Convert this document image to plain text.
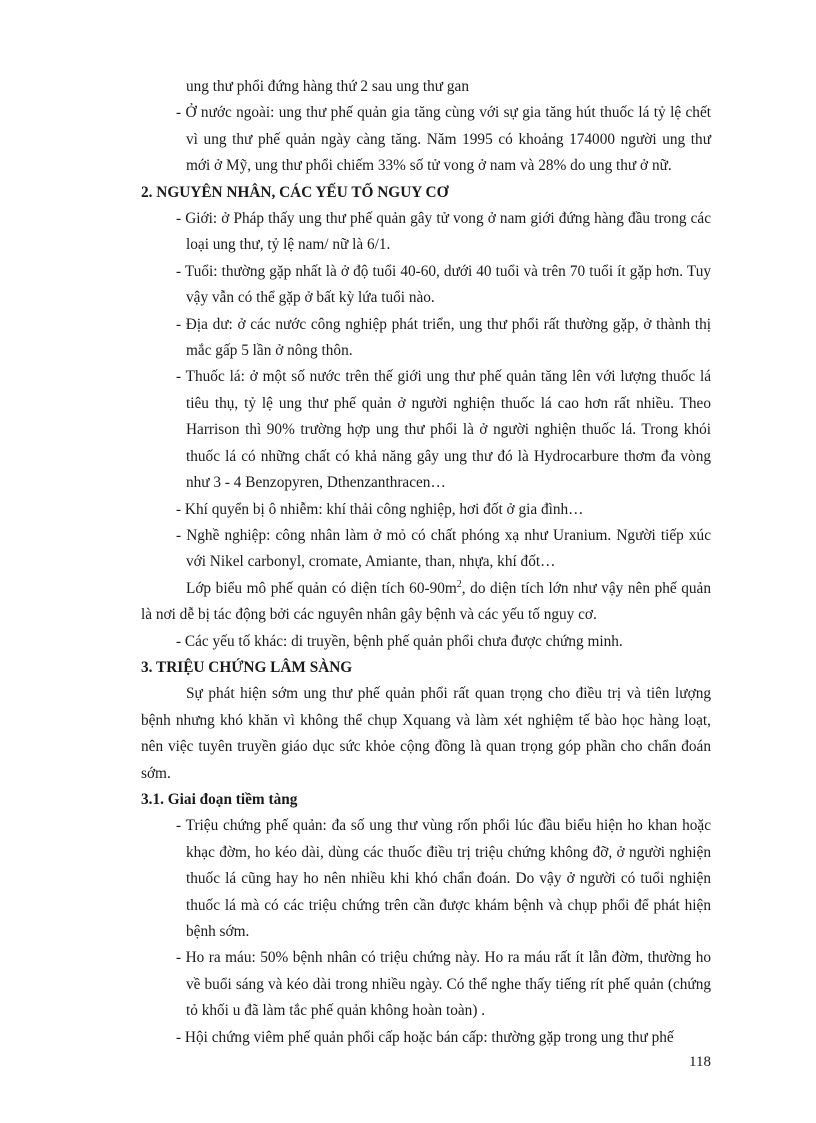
ung thư phổi đứng hàng thứ 2 sau ung thư gan

- Ở nước ngoài: ung thư phế quản gia tăng cùng với sự gia tăng hút thuốc lá tỷ lệ chết vì ung thư phế quản ngày càng tăng. Năm 1995 có khoảng 174000 người ung thư mới ở Mỹ, ung thư phổi chiếm 33% số tử vong ở nam và 28% do ung thư ở nữ.

2. NGUYÊN NHÂN, CÁC YẾU TỐ NGUY CƠ

- Giới: ở Pháp thấy ung thư phế quản gây tử vong ở nam giới đứng hàng đầu trong các loại ung thư, tỷ lệ nam/ nữ là 6/1.

- Tuổi: thường gặp nhất là ở độ tuổi 40-60, dưới 40 tuổi và trên 70 tuổi ít gặp hơn. Tuy vậy vẫn có thể gặp ở bất kỳ lứa tuổi nào.

- Địa dư: ở các nước công nghiệp phát triển, ung thư phổi rất thường gặp, ở thành thị mắc gấp 5 lần ở nông thôn.

- Thuốc lá: ở một số nước trên thế giới ung thư phế quản tăng lên với lượng thuốc lá tiêu thụ, tỷ lệ ung thư phế quản ở người nghiện thuốc lá cao hơn rất nhiều. Theo Harrison thì 90% trường hợp ung thư phổi là ở người nghiện thuốc lá. Trong khói thuốc lá có những chất có khả năng gây ung thư đó là Hydrocarbure thơm đa vòng như 3 - 4 Benzopyren, Dthenzanthracen…

- Khí quyển bị ô nhiễm: khí thải công nghiệp, hơi đốt ở gia đình…

- Nghề nghiệp: công nhân làm ở mỏ có chất phóng xạ như Uranium. Người tiếp xúc với Nikel carbonyl, cromate, Amiante, than, nhựa, khí đốt…

Lớp biểu mô phế quản có diện tích $60-90m^2$, do diện tích lớn như vậy nên phế quản là nơi dễ bị tác động bởi các nguyên nhân gây bệnh và các yếu tố nguy cơ.

- Các yếu tố khác: di truyền, bệnh phế quản phổi chưa được chứng minh.

3. TRIỆU CHỨNG LÂM SÀNG

Sự phát hiện sớm ung thư phế quản phổi rất quan trọng cho điều trị và tiên lượng bệnh nhưng khó khăn vì không thể chụp Xquang và làm xét nghiệm tế bào học hàng loạt, nên việc tuyên truyền giáo dục sức khỏe cộng đồng là quan trọng góp phần cho chẩn đoán sớm.

3.1. Giai đoạn tiềm tàng

- Triệu chứng phế quản: đa số ung thư vùng rốn phổi lúc đầu biểu hiện ho khan hoặc khạc đờm, ho kéo dài, dùng các thuốc điều trị triệu chứng không đỡ, ở người nghiện thuốc lá cũng hay ho nên nhiều khi khó chẩn đoán. Do vậy ở người có tuổi nghiện thuốc lá mà có các triệu chứng trên cần được khám bệnh và chụp phổi để phát hiện bệnh sớm.

- Ho ra máu: 50% bệnh nhân có triệu chứng này. Ho ra máu rất ít lẫn đờm, thường ho về buổi sáng và kéo dài trong nhiều ngày. Có thể nghe thấy tiếng rít phế quản (chứng tỏ khối u đã làm tắc phế quản không hoàn toàn) .

- Hội chứng viêm phế quản phổi cấp hoặc bán cấp: thường gặp trong ung thư phế

118
